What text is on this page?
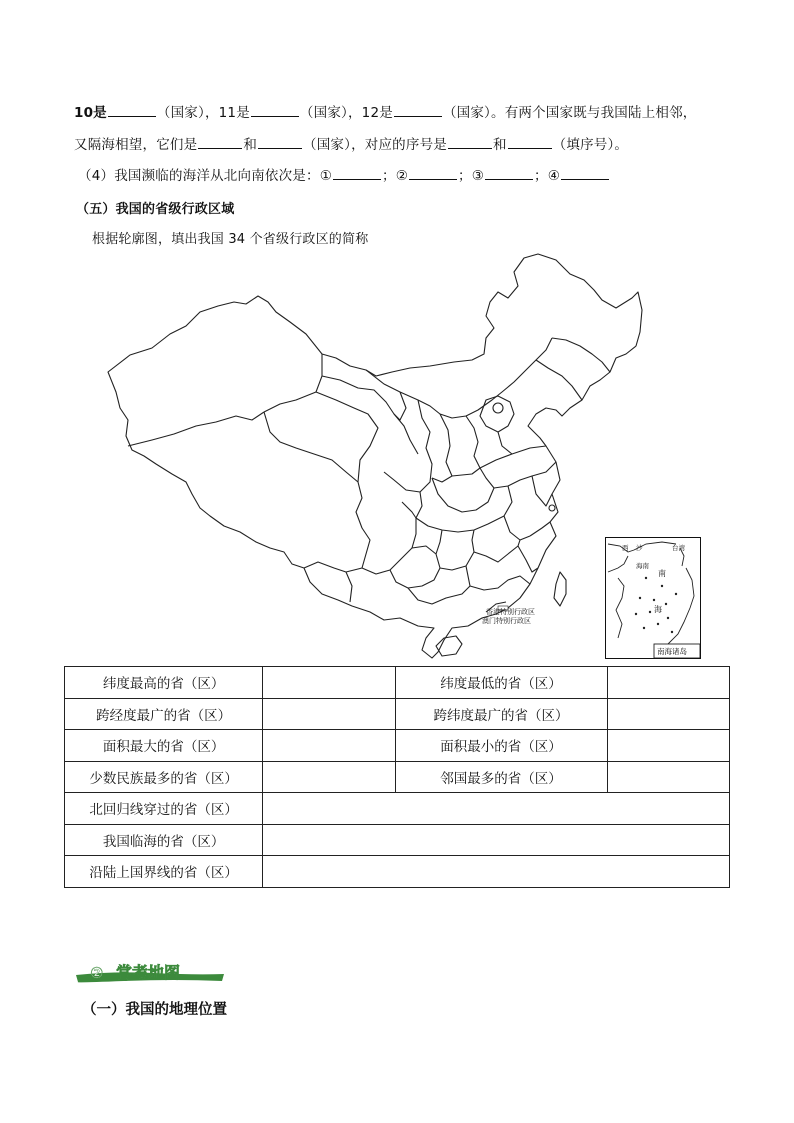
10是	（国家），11是	（国家），12是	（国家）。有两个国家既与我国陆上相邻，
又隔海相望，它们是	和	（国家），对应的序号是	和	（填序号）。
（4）我国濒临的海洋从北向南依次是：①	；②	；③	；④
（五）我国的省级行政区域
根据轮廓图，填出我国 34 个省级行政区的简称
香港特别行政区
澳门特别行政区
西 沙	台湾
海南
南
海
南海诸岛
纬度最高的省（区）		纬度最低的省（区）	
跨经度最广的省（区）		跨纬度最广的省（区）	
面积最大的省（区）		面积最小的省（区）	
少数民族最多的省（区）		邻国最多的省（区）	
北回归线穿过的省（区）			
我国临海的省（区）			
沿陆上国界线的省（区）			
② 常考地图
（一）我国的地理位置
